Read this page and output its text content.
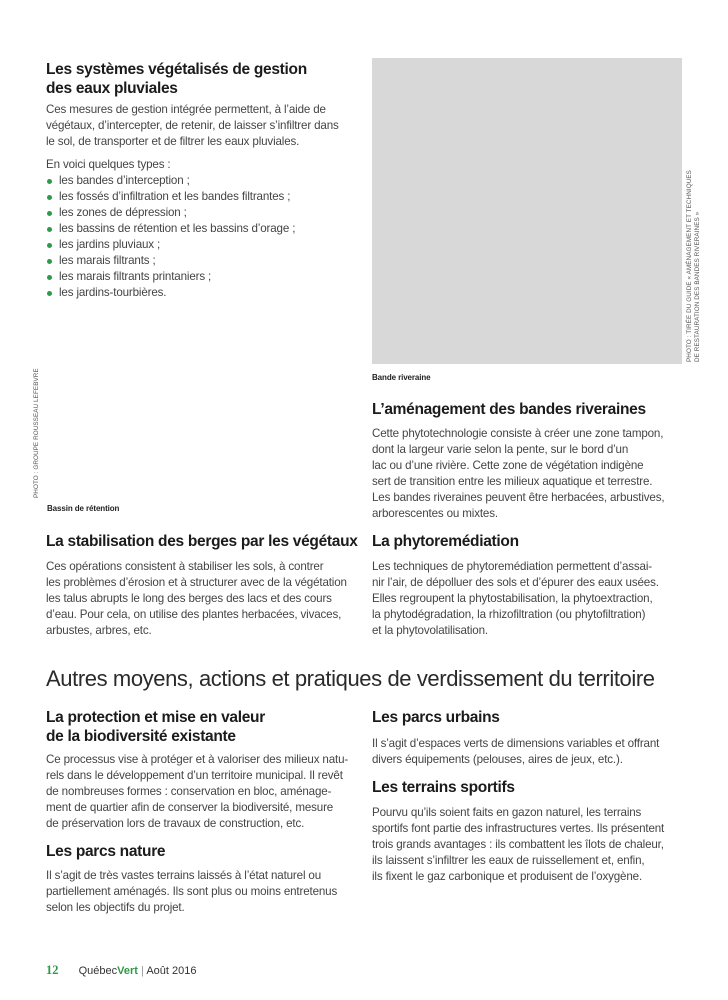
Les systèmes végétalisés de gestion
des eaux pluviales

Ces mesures de gestion intégrée permettent, à l’aide de
végétaux, d’intercepter, de retenir, de laisser s’infiltrer dans
le sol, de transporter et de filtrer les eaux pluviales.

En voici quelques types :

les bandes d’interception ;
les fossés d’infiltration et les bandes filtrantes ;
les zones de dépression ;
les bassins de rétention et les bassins d’orage ;
les jardins pluviaux ;
les marais filtrants ;
les marais filtrants printaniers ;
les jardins-tourbières.
PHOTO : GROUPE ROUSSEAU LEFEBVRE
Bassin de rétention
PHOTO : TIRÉE DU GUIDE « AMÉNAGEMENT ET TECHNIQUES DE RESTAURATION DES BANDES RIVERAINES »
Bande riveraine
L’aménagement des bandes riveraines

Cette phytotechnologie consiste à créer une zone tampon,
dont la largeur varie selon la pente, sur le bord d’un
lac ou d’une rivière. Cette zone de végétation indigène
sert de transition entre les milieux aquatique et terrestre.
Les bandes riveraines peuvent être herbacées, arbustives,
arborescentes ou mixtes.

La stabilisation des berges par les végétaux

Ces opérations consistent à stabiliser les sols, à contrer
les problèmes d’érosion et à structurer avec de la végétation
les talus abrupts le long des berges des lacs et des cours
d’eau. Pour cela, on utilise des plantes herbacées, vivaces,
arbustes, arbres, etc.

La phytoremédiation

Les techniques de phytoremédiation permettent d’assai-
nir l’air, de dépolluer des sols et d’épurer des eaux usées.
Elles regroupent la phytostabilisation, la phytoextraction,
la phytodégradation, la rhizofiltration (ou phytofiltration)
et la phytovolatilisation.

Autres moyens, actions et pratiques de verdissement du territoire
La protection et mise en valeur
de la biodiversité existante

Ce processus vise à protéger et à valoriser des milieux natu-
rels dans le développement d’un territoire municipal. Il revêt
de nombreuses formes : conservation en bloc, aménage-
ment de quartier afin de conserver la biodiversité, mesure
de préservation lors de travaux de construction, etc.

Les parcs nature

Il s’agit de très vastes terrains laissés à l’état naturel ou
partiellement aménagés. Ils sont plus ou moins entretenus
selon les objectifs du projet.

Les parcs urbains

Il s’agit d’espaces verts de dimensions variables et offrant
divers équipements (pelouses, aires de jeux, etc.).

Les terrains sportifs

Pourvu qu’ils soient faits en gazon naturel, les terrains
sportifs font partie des infrastructures vertes. Ils présentent
trois grands avantages : ils combattent les îlots de chaleur,
ils laissent s’infiltrer les eaux de ruissellement et, enfin,
ils fixent le gaz carbonique et produisent de l’oxygène.

12 QuébecVert | Août 2016
